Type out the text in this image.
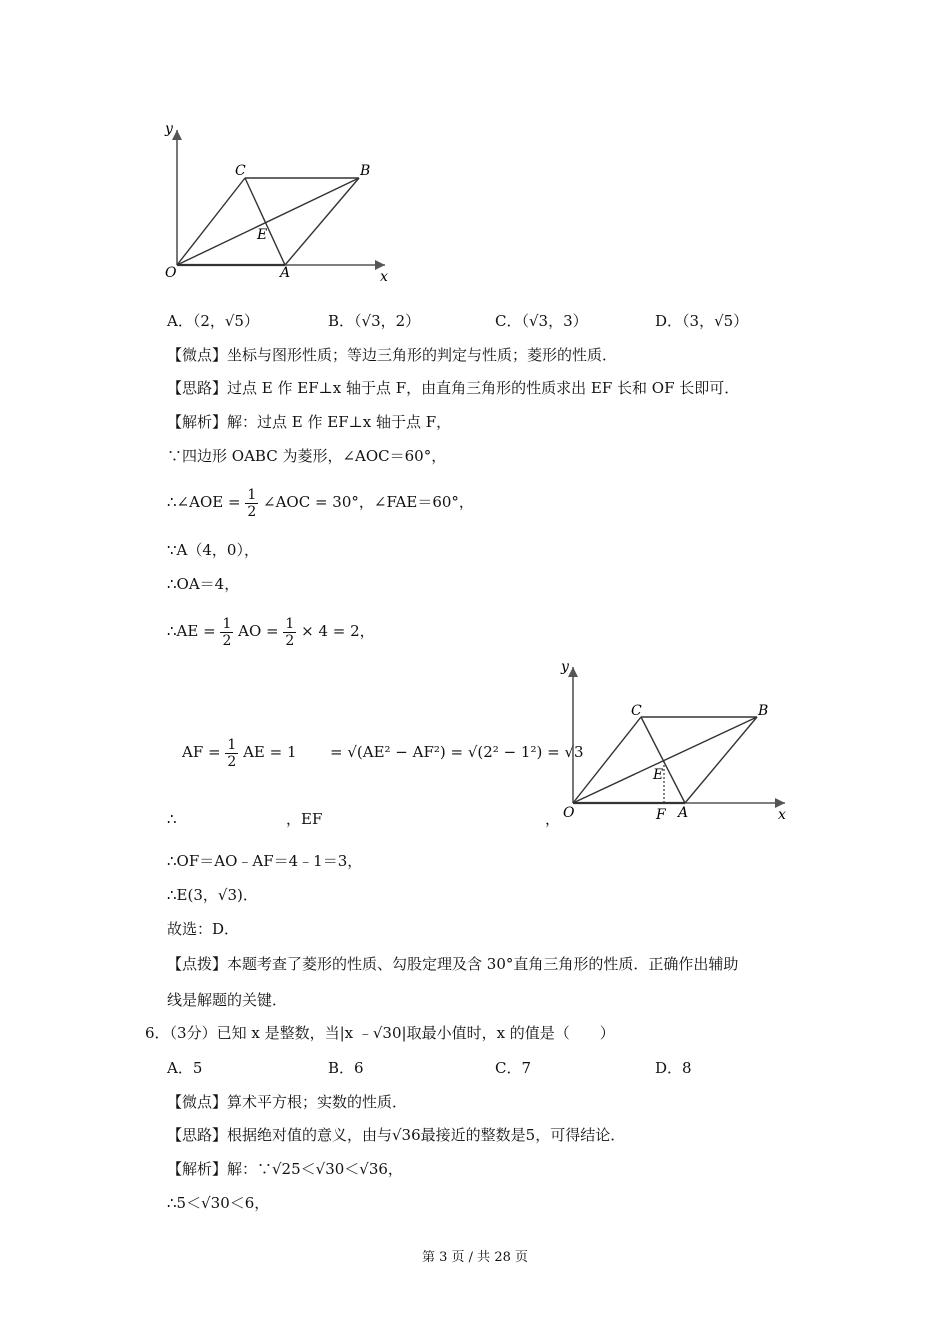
y
x
O	A
C	B
E
A．（2，√5）	B．（√3，2）	C．（√3，3）	D．（3，√5）
【微点】坐标与图形性质；等边三角形的判定与性质；菱形的性质．
【思路】过点 E 作 EF⊥x 轴于点 F，由直角三角形的性质求出 EF 长和 OF 长即可．
【解析】解：过点 E 作 EF⊥x 轴于点 F，
∵四边形 OABC 为菱形，∠AOC＝60°，
∴∠AOE = $\frac{1}{2}$ ∠AOC = 30°，∠FAE＝60°，
∵A（4，0），
∴OA＝4，
∴AE = $\frac{1}{2}$ AO = $\frac{1}{2} \times 4 = 2$，
AF = $\frac{1}{2}$ AE = 1 = √(AE² − AF²) = √(2² − 1²) = √3
∴	，EF	，
y
x
O	F A
C	B
E
∴OF＝AO﹣AF＝4﹣1＝3，
∴E(3，√3)．
故选：D．
【点拨】本题考查了菱形的性质、勾股定理及含 30°直角三角形的性质．正确作出辅助
线是解题的关键．
6．（3分）已知 x 是整数，当|x ﹣√30|取最小值时，x 的值是（　　）
A．5	B．6	C．7	D．8
【微点】算术平方根；实数的性质．
【思路】根据绝对值的意义，由与√36最接近的整数是5，可得结论．
【解析】解：∵√25＜√30＜√36，
∴5＜√30＜6，
第 3 页 / 共 28 页
